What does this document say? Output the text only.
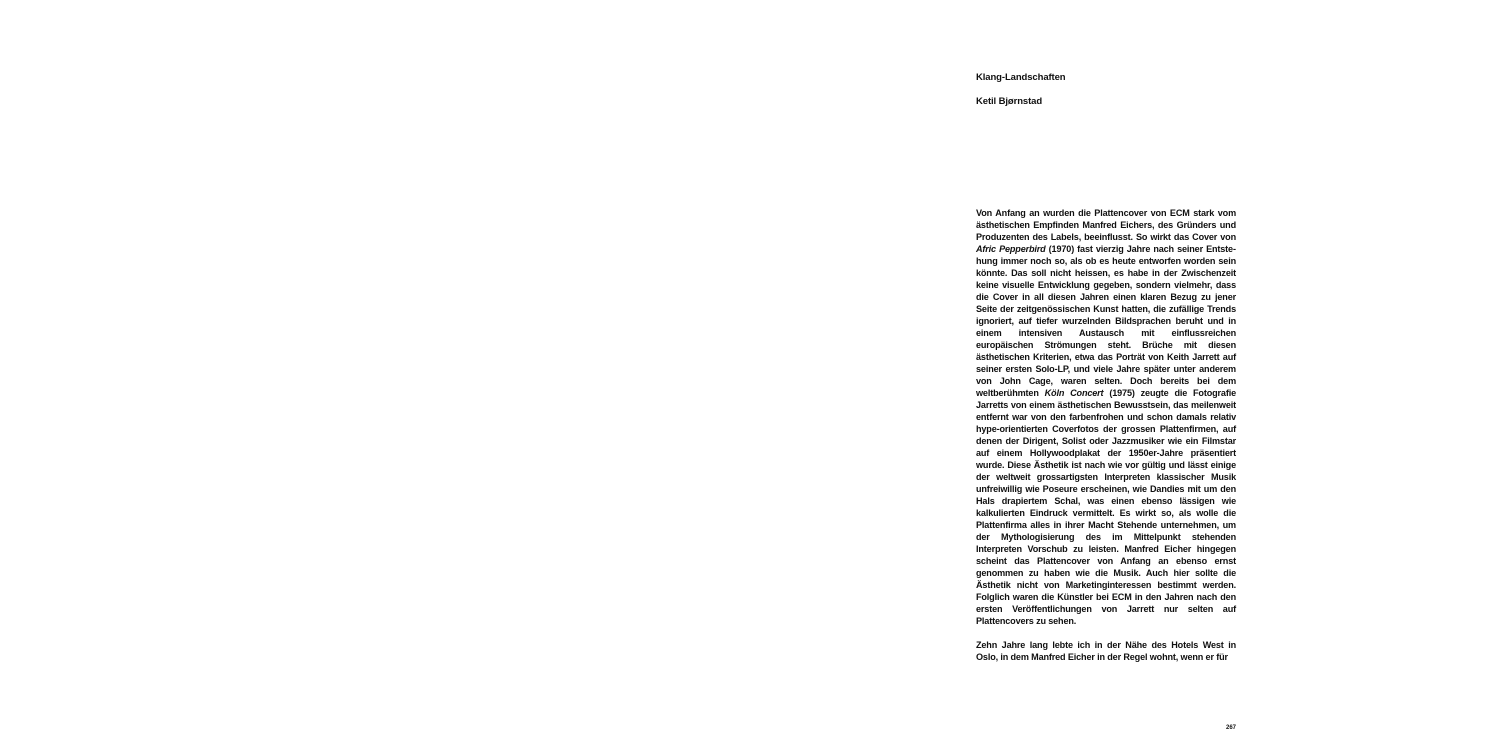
Klang-Landschaften
Ketil Bjørnstad

Von Anfang an wurden die Plattencover von ECM stark vom ästhetischen Empfinden Manfred Eichers, des Gründers und Produzenten des Labels, beeinflusst. So wirkt das Cover von Afric Pepperbird (1970) fast vierzig Jahre nach seiner Entstehung immer noch so, als ob es heute entworfen worden sein könnte. Das soll nicht heissen, es habe in der Zwischenzeit keine visuelle Entwicklung gegeben, sondern vielmehr, dass die Cover in all diesen Jahren einen klaren Bezug zu jener Seite der zeitgenössischen Kunst hatten, die zufällige Trends ignoriert, auf tiefer wurzelnden Bildsprachen beruht und in einem intensiven Austausch mit einflussreichen europäischen Strömungen steht. Brüche mit diesen ästhetischen Kriterien, etwa das Porträt von Keith Jarrett auf seiner ersten Solo-LP, und viele Jahre später unter anderem von John Cage, waren selten. Doch bereits bei dem weltberühmten Köln Concert (1975) zeugte die Fotografie Jarretts von einem ästhetischen Bewusstsein, das meilenweit entfernt war von den farbenfrohen und schon damals relativ hype-orientierten Coverfotos der grossen Plattenfirmen, auf denen der Dirigent, Solist oder Jazzmusiker wie ein Filmstar auf einem Hollywoodplakat der 1950er-Jahre präsentiert wurde. Diese Ästhetik ist nach wie vor gültig und lässt einige der weltweit grossartigsten Interpreten klassischer Musik unfreiwillig wie Poseure erscheinen, wie Dandies mit um den Hals drapiertem Schal, was einen ebenso lässigen wie kalkulierten Eindruck vermittelt. Es wirkt so, als wolle die Plattenfirma alles in ihrer Macht Stehende unternehmen, um der Mythologisierung des im Mittelpunkt stehenden Interpreten Vorschub zu leisten. Manfred Eicher hingegen scheint das Plattencover von Anfang an ebenso ernst genommen zu haben wie die Musik. Auch hier sollte die Ästhetik nicht von Marketinginteressen bestimmt werden. Folglich waren die Künstler bei ECM in den Jahren nach den ersten Veröffentlichungen von Jarrett nur selten auf Plattencovers zu sehen.

Zehn Jahre lang lebte ich in der Nähe des Hotels West in Oslo, in dem Manfred Eicher in der Regel wohnt, wenn er für

267
